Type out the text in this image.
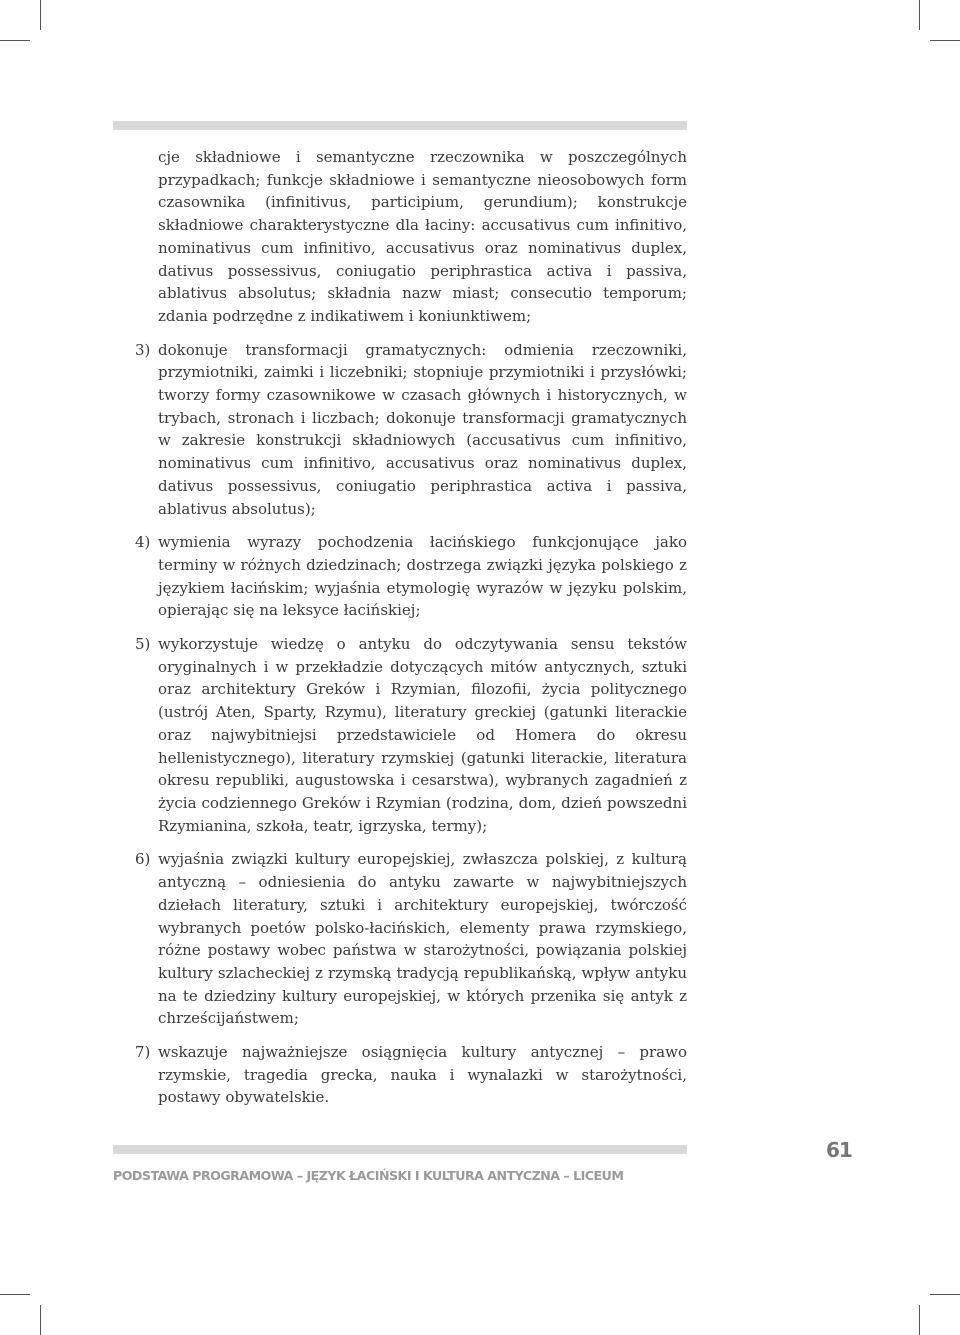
cje składniowe i semantyczne rzeczownika w poszczególnych przypadkach; funkcje składniowe i semantyczne nieosobowych form czasownika (infinitivus, participium, gerundium); konstrukcje składniowe charakterystyczne dla łaciny: accusativus cum infinitivo, nominativus cum infinitivo, accusativus oraz nominativus duplex, dativus possessivus, coniugatio periphrastica activa i passiva, ablativus absolutus; składnia nazw miast; consecutio temporum; zdania podrzędne z indikatiwem i koniunktiwem;

3) dokonuje transformacji gramatycznych: odmienia rzeczowniki, przymiotniki, zaimki i liczebniki; stopniuje przymiotniki i przysłówki; tworzy formy czasownikowe w czasach głównych i historycznych, w trybach, stronach i liczbach; dokonuje transformacji gramatycznych w zakresie konstrukcji składniowych (accusativus cum infinitivo, nominativus cum infinitivo, accusativus oraz nominativus duplex, dativus possessivus, coniugatio periphrastica activa i passiva, ablativus absolutus);
4) wymienia wyrazy pochodzenia łacińskiego funkcjonujące jako terminy w różnych dziedzinach; dostrzega związki języka polskiego z językiem łacińskim; wyjaśnia etymologię wyrazów w języku polskim, opierając się na leksyce łacińskiej;
5) wykorzystuje wiedzę o antyku do odczytywania sensu tekstów oryginalnych i w przekładzie dotyczących mitów antycznych, sztuki oraz architektury Greków i Rzymian, filozofii, życia politycznego (ustrój Aten, Sparty, Rzymu), literatury greckiej (gatunki literackie oraz najwybitniejsi przedstawiciele od Homera do okresu hellenistycznego), literatury rzymskiej (gatunki literackie, literatura okresu republiki, augustowska i cesarstwa), wybranych zagadnień z życia codziennego Greków i Rzymian (rodzina, dom, dzień powszedni Rzymianina, szkoła, teatr, igrzyska, termy);
6) wyjaśnia związki kultury europejskiej, zwłaszcza polskiej, z kulturą antyczną – odniesienia do antyku zawarte w najwybitniejszych dziełach literatury, sztuki i architektury europejskiej, twórczość wybranych poetów polsko-łacińskich, elementy prawa rzymskiego, różne postawy wobec państwa w starożytności, powiązania polskiej kultury szlacheckiej z rzymską tradycją republikańską, wpływ antyku na te dziedziny kultury europejskiej, w których przenika się antyk z chrześcijaństwem;
7) wskazuje najważniejsze osiągnięcia kultury antycznej – prawo rzymskie, tragedia grecka, nauka i wynalazki w starożytności, postawy obywatelskie.
PODSTAWA PROGRAMOWA – JĘZYK ŁACIŃSKI I KULTURA ANTYCZNA – LICEUM
61
